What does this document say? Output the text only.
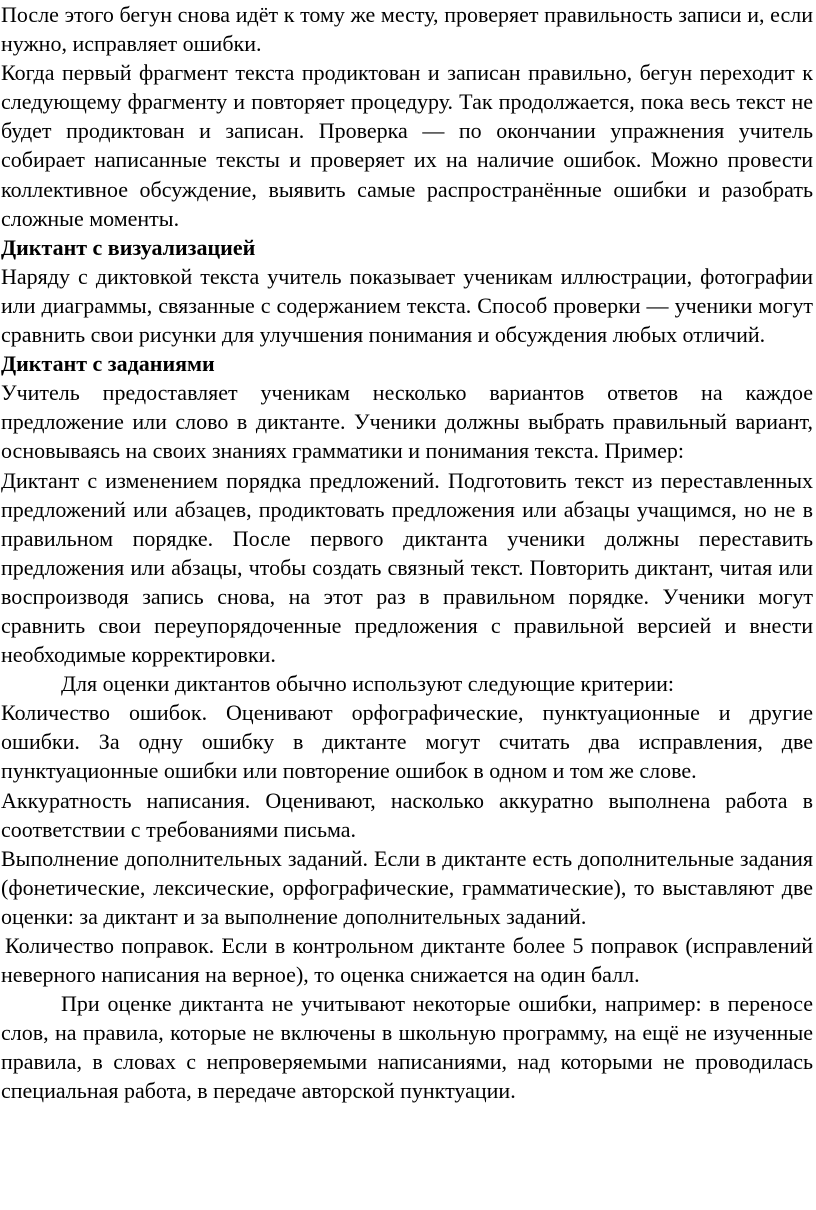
После этого бегун снова идёт к тому же месту, проверяет правильность записи и, если нужно, исправляет ошибки.

Когда первый фрагмент текста продиктован и записан правильно, бегун переходит к следующему фрагменту и повторяет процедуру. Так продолжается, пока весь текст не будет продиктован и записан. Проверка — по окончании упражнения учитель собирает написанные тексты и проверяет их на наличие ошибок. Можно провести коллективное обсуждение, выявить самые распространённые ошибки и разобрать сложные моменты.

Диктант с визуализацией

Наряду с диктовкой текста учитель показывает ученикам иллюстрации, фотографии или диаграммы, связанные с содержанием текста. Способ проверки — ученики могут сравнить свои рисунки для улучшения понимания и обсуждения любых отличий.

Диктант с заданиями

Учитель предоставляет ученикам несколько вариантов ответов на каждое предложение или слово в диктанте. Ученики должны выбрать правильный вариант, основываясь на своих знаниях грамматики и понимания текста. Пример:

Диктант с изменением порядка предложений. Подготовить текст из переставленных предложений или абзацев, продиктовать предложения или абзацы учащимся, но не в правильном порядке. После первого диктанта ученики должны переставить предложения или абзацы, чтобы создать связный текст. Повторить диктант, читая или воспроизводя запись снова, на этот раз в правильном порядке. Ученики могут сравнить свои переупорядоченные предложения с правильной версией и внести необходимые корректировки.

Для оценки диктантов обычно используют следующие критерии:

Количество ошибок. Оценивают орфографические, пунктуационные и другие ошибки. За одну ошибку в диктанте могут считать два исправления, две пунктуационные ошибки или повторение ошибок в одном и том же слове.

Аккуратность написания. Оценивают, насколько аккуратно выполнена работа в соответствии с требованиями письма.

Выполнение дополнительных заданий. Если в диктанте есть дополнительные задания (фонетические, лексические, орфографические, грамматические), то выставляют две оценки: за диктант и за выполнение дополнительных заданий.

Количество поправок. Если в контрольном диктанте более 5 поправок (исправлений неверного написания на верное), то оценка снижается на один балл.

При оценке диктанта не учитывают некоторые ошибки, например: в переносе слов, на правила, которые не включены в школьную программу, на ещё не изученные правила, в словах с непроверяемыми написаниями, над которыми не проводилась специальная работа, в передаче авторской пунктуации.
